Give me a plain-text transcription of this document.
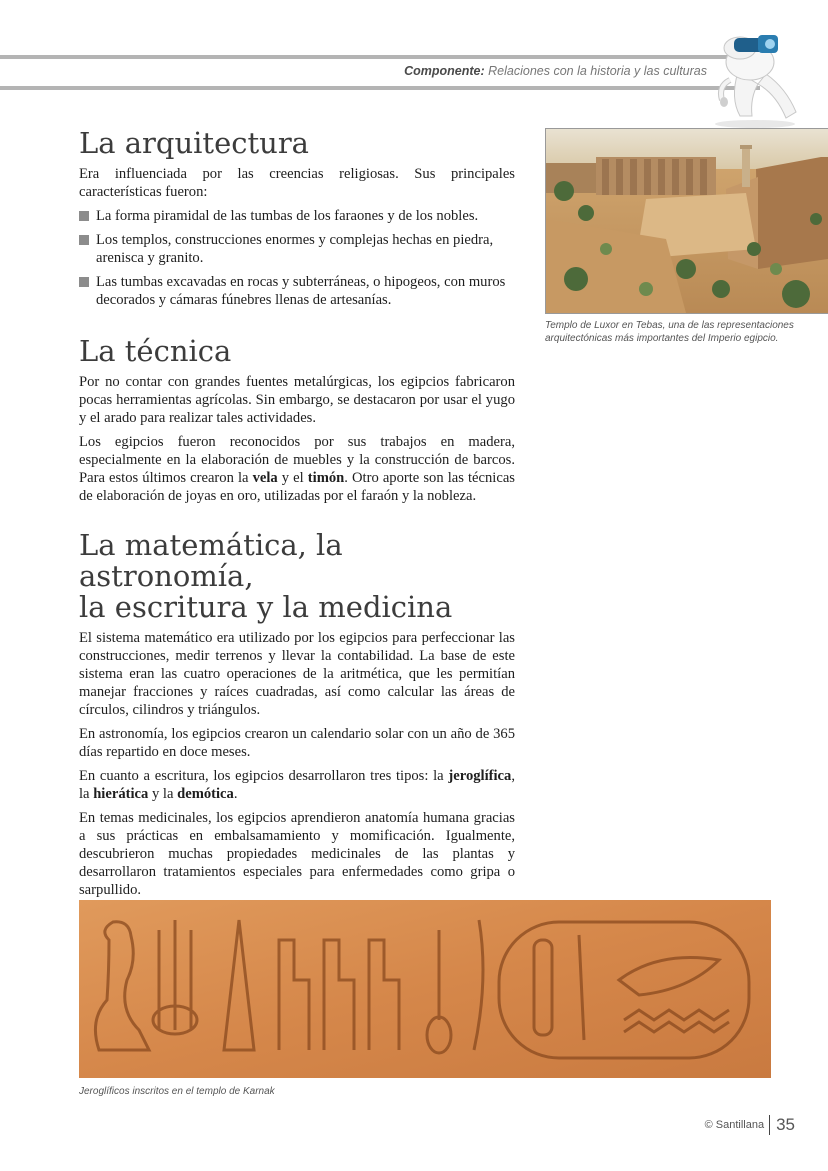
Componente: Relaciones con la historia y las culturas
La arquitectura

Era influenciada por las creencias religiosas. Sus principales características fueron:

La forma piramidal de las tumbas de los faraones y de los nobles.
Los templos, construcciones enormes y complejas hechas en piedra, arenisca y granito.
Las tumbas excavadas en rocas y subterráneas, o hipogeos, con muros decorados y cámaras fúnebres llenas de artesanías.
La técnica

Por no contar con grandes fuentes metalúrgicas, los egipcios fabricaron pocas herramientas agrícolas. Sin embargo, se destacaron por usar el yugo y el arado para realizar tales actividades.

Los egipcios fueron reconocidos por sus trabajos en madera, especialmente en la elaboración de muebles y la construcción de barcos. Para estos últimos crearon la vela y el timón. Otro aporte son las técnicas de elaboración de joyas en oro, utilizadas por el faraón y la nobleza.

La matemática, la astronomía,
la escritura y la medicina

El sistema matemático era utilizado por los egipcios para perfeccionar las construcciones, medir terrenos y llevar la contabilidad. La base de este sistema eran las cuatro operaciones de la aritmética, que les permitían manejar fracciones y raíces cuadradas, así como calcular las áreas de círculos, cilindros y triángulos.

En astronomía, los egipcios crearon un calendario solar con un año de 365 días repartido en doce meses.

En cuanto a escritura, los egipcios desarrollaron tres tipos: la jeroglífica, la hierática y la demótica.

En temas medicinales, los egipcios aprendieron anatomía humana gracias a sus prácticas en embalsamamiento y momificación. Igualmente, descubrieron muchas propiedades medicinales de las plantas y desarrollaron tratamientos especiales para enfermedades como gripa o sarpullido.

Templo de Luxor en Tebas, una de las representaciones arquitectónicas más importantes del Imperio egipcio.
Jeroglíficos inscritos en el templo de Karnak
© Santillana 35
